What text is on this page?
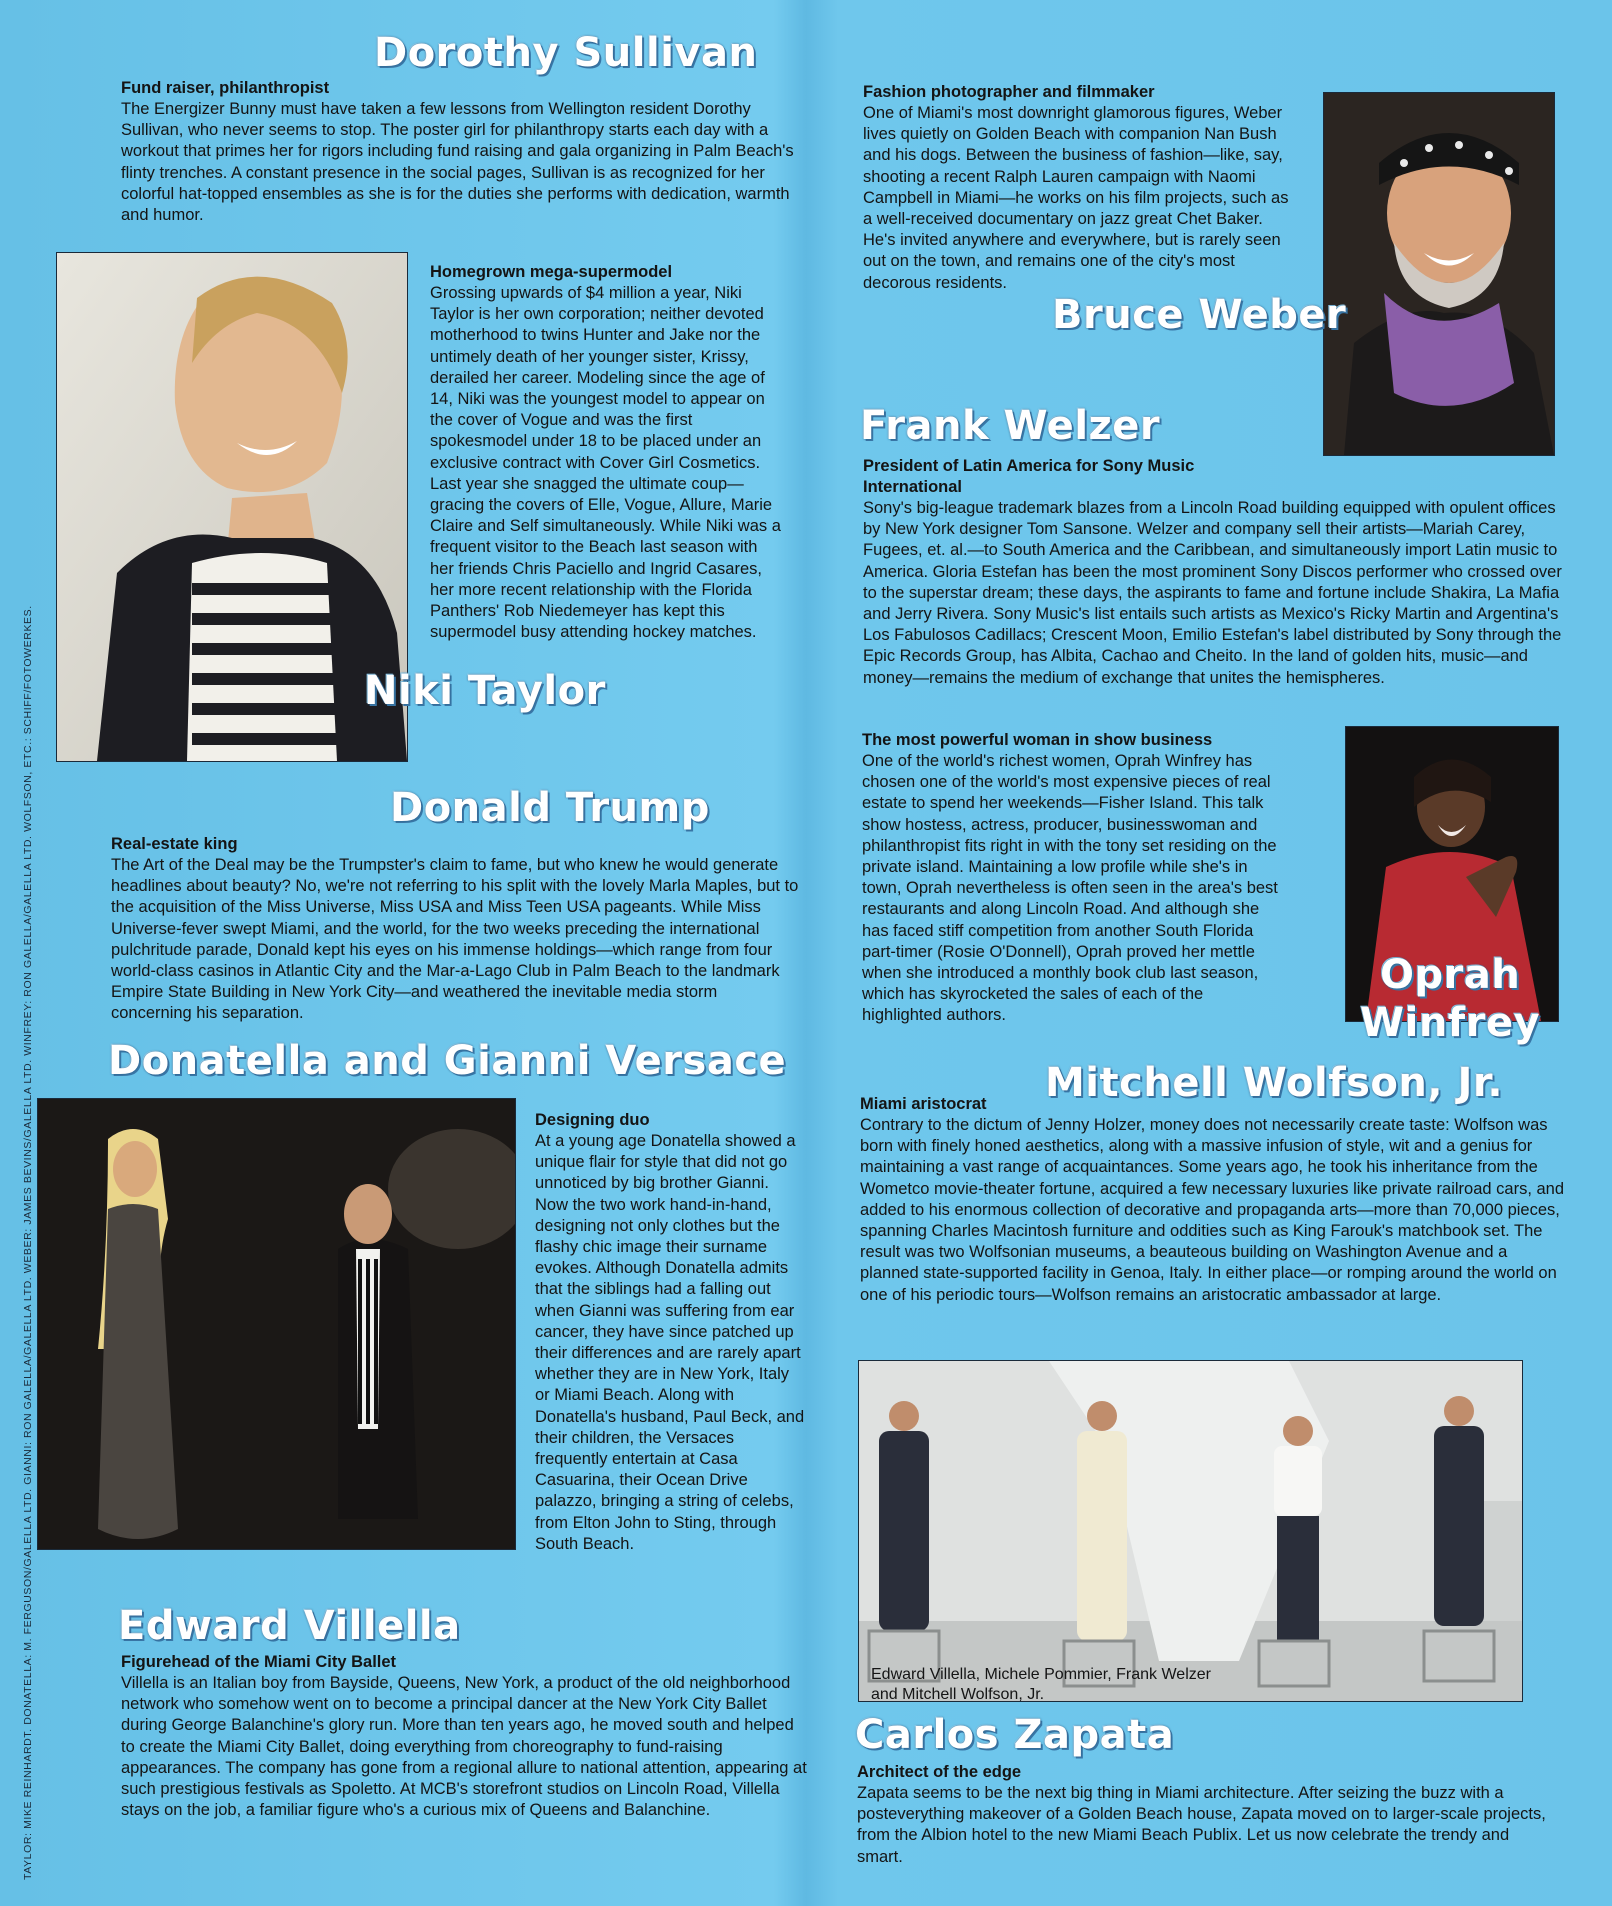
TAYLOR: MIKE REINHARDT. DONATELLA: M. FERGUSON/GALELLA LTD. GIANNI: RON GALELLA/GALELLA LTD. WEBER: JAMES BEVINS/GALELLA LTD. WINFREY: RON GALELLA/GALELLA LTD. WOLFSON, ETC.: SCHIFF/FOTOWERKES.
Dorothy Sullivan

Fund raiser, philanthropist

The Energizer Bunny must have taken a few lessons from Wellington resident Dorothy Sullivan, who never seems to stop. The poster girl for philanthropy starts each day with a workout that primes her for rigors including fund raising and gala organizing in Palm Beach's flinty trenches. A constant presence in the social pages, Sullivan is as recognized for her colorful hat-topped ensembles as she is for the duties she performs with dedication, warmth and humor.

Homegrown mega-supermodel

Grossing upwards of $4 million a year, Niki Taylor is her own corporation; neither devoted motherhood to twins Hunter and Jake nor the untimely death of her younger sister, Krissy, derailed her career. Modeling since the age of 14, Niki was the youngest model to appear on the cover of Vogue and was the first spokesmodel under 18 to be placed under an exclusive contract with Cover Girl Cosmetics. Last year she snagged the ultimate coup—gracing the covers of Elle, Vogue, Allure, Marie Claire and Self simultaneously. While Niki was a frequent visitor to the Beach last season with her friends Chris Paciello and Ingrid Casares, her more recent relationship with the Florida Panthers' Rob Niedemeyer has kept this supermodel busy attending hockey matches.

Niki Taylor
Donald Trump

Real-estate king

The Art of the Deal may be the Trumpster's claim to fame, but who knew he would generate headlines about beauty? No, we're not referring to his split with the lovely Marla Maples, but to the acquisition of the Miss Universe, Miss USA and Miss Teen USA pageants. While Miss Universe-fever swept Miami, and the world, for the two weeks preceding the international pulchritude parade, Donald kept his eyes on his immense holdings—which range from four world-class casinos in Atlantic City and the Mar-a-Lago Club in Palm Beach to the landmark Empire State Building in New York City—and weathered the inevitable media storm concerning his separation.

Donatella and Gianni Versace

Designing duo

At a young age Donatella showed a unique flair for style that did not go unnoticed by big brother Gianni. Now the two work hand-in-hand, designing not only clothes but the flashy chic image their surname evokes. Although Donatella admits that the siblings had a falling out when Gianni was suffering from ear cancer, they have since patched up their differences and are rarely apart whether they are in New York, Italy or Miami Beach. Along with Donatella's husband, Paul Beck, and their children, the Versaces frequently entertain at Casa Casuarina, their Ocean Drive palazzo, bringing a string of celebs, from Elton John to Sting, through South Beach.

Edward Villella

Figurehead of the Miami City Ballet

Villella is an Italian boy from Bayside, Queens, New York, a product of the old neighborhood network who somehow went on to become a principal dancer at the New York City Ballet during George Balanchine's glory run. More than ten years ago, he moved south and helped to create the Miami City Ballet, doing everything from choreography to fund-raising appearances. The company has gone from a regional allure to national attention, appearing at such prestigious festivals as Spoletto. At MCB's storefront studios on Lincoln Road, Villella stays on the job, a familiar figure who's a curious mix of Queens and Balanchine.

Fashion photographer and filmmaker

One of Miami's most downright glamorous figures, Weber lives quietly on Golden Beach with companion Nan Bush and his dogs. Between the business of fashion—like, say, shooting a recent Ralph Lauren campaign with Naomi Campbell in Miami—he works on his film projects, such as a well-received documentary on jazz great Chet Baker. He's invited anywhere and everywhere, but is rarely seen out on the town, and remains one of the city's most decorous residents.

Bruce Weber
Frank Welzer

President of Latin America for Sony Music International

Sony's big-league trademark blazes from a Lincoln Road building equipped with opulent offices by New York designer Tom Sansone. Welzer and company sell their artists—Mariah Carey, Fugees, et. al.—to South America and the Caribbean, and simultaneously import Latin music to America. Gloria Estefan has been the most prominent Sony Discos performer who crossed over to the superstar dream; these days, the aspirants to fame and fortune include Shakira, La Mafia and Jerry Rivera. Sony Music's list entails such artists as Mexico's Ricky Martin and Argentina's Los Fabulosos Cadillacs; Crescent Moon, Emilio Estefan's label distributed by Sony through the Epic Records Group, has Albita, Cachao and Cheito. In the land of golden hits, music—and money—remains the medium of exchange that unites the hemispheres.

The most powerful woman in show business

One of the world's richest women, Oprah Winfrey has chosen one of the world's most expensive pieces of real estate to spend her weekends—Fisher Island. This talk show hostess, actress, producer, businesswoman and philanthropist fits right in with the tony set residing on the private island. Maintaining a low profile while she's in town, Oprah nevertheless is often seen in the area's best restaurants and along Lincoln Road. And although she has faced stiff competition from another South Florida part-timer (Rosie O'Donnell), Oprah proved her mettle when she introduced a monthly book club last season, which has skyrocketed the sales of each of the highlighted authors.

Oprah
Winfrey
Mitchell Wolfson, Jr.

Miami aristocrat

Contrary to the dictum of Jenny Holzer, money does not necessarily create taste: Wolfson was born with finely honed aesthetics, along with a massive infusion of style, wit and a genius for maintaining a vast range of acquaintances. Some years ago, he took his inheritance from the Wometco movie-theater fortune, acquired a few necessary luxuries like private railroad cars, and added to his enormous collection of decorative and propaganda arts—more than 70,000 pieces, spanning Charles Macintosh furniture and oddities such as King Farouk's matchbook set. The result was two Wolfsonian museums, a beauteous building on Washington Avenue and a planned state-supported facility in Genoa, Italy. In either place—or romping around the world on one of his periodic tours—Wolfson remains an aristocratic ambassador at large.

Edward Villella, Michele Pommier, Frank Welzer and Mitchell Wolfson, Jr.
Carlos Zapata

Architect of the edge

Zapata seems to be the next big thing in Miami architecture. After seizing the buzz with a posteverything makeover of a Golden Beach house, Zapata moved on to larger-scale projects, from the Albion hotel to the new Miami Beach Publix. Let us now celebrate the trendy and smart.
